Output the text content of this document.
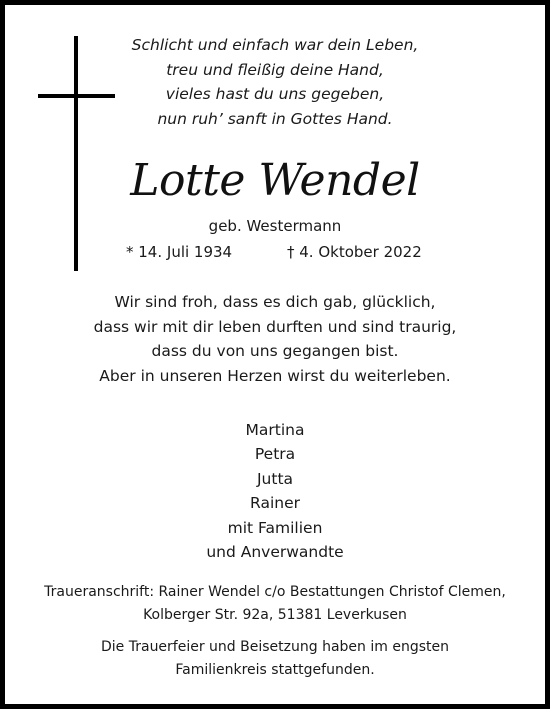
Schlicht und einfach war dein Leben,
treu und fleißig deine Hand,
vieles hast du uns gegeben,
nun ruh’ sanft in Gottes Hand.
Lotte Wendel
geb. Westermann
* 14. Juli 1934	† 4. Oktober 2022
Wir sind froh, dass es dich gab, glücklich,
dass wir mit dir leben durften und sind traurig,
dass du von uns gegangen bist.
Aber in unseren Herzen wirst du weiterleben.
Martina
Petra
Jutta
Rainer
mit Familien
und Anverwandte
Traueranschrift: Rainer Wendel c/o Bestattungen Christof Clemen,
Kolberger Str. 92a, 51381 Leverkusen
Die Trauerfeier und Beisetzung haben im engsten
Familienkreis stattgefunden.
